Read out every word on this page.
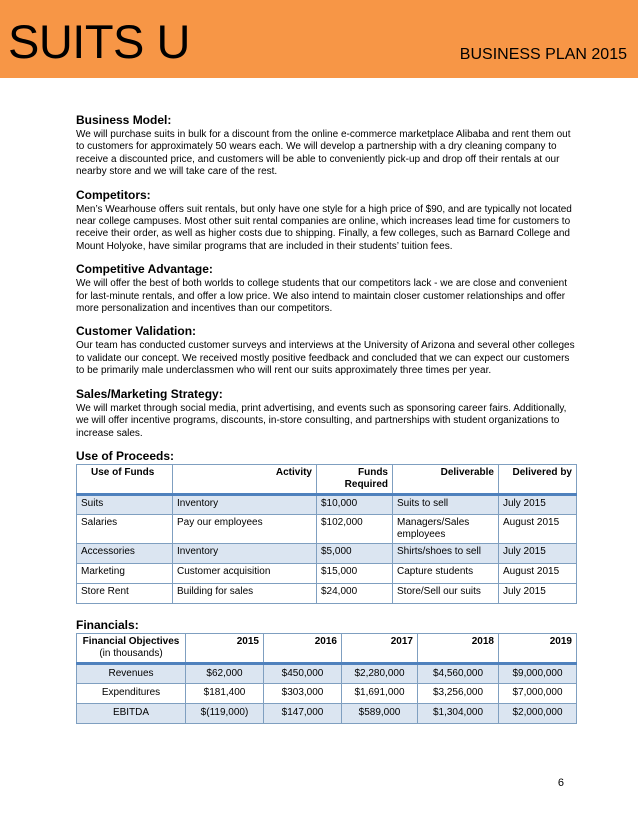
SUITS U	BUSINESS PLAN 2015
Business Model:

We will purchase suits in bulk for a discount from the online e-commerce marketplace Alibaba and rent them out to customers for approximately 50 wears each. We will develop a partnership with a dry cleaning company to receive a discounted price, and customers will be able to conveniently pick-up and drop off their rentals at our nearby store and we will take care of the rest.

Competitors:

Men’s Wearhouse offers suit rentals, but only have one style for a high price of $90, and are typically not located near college campuses. Most other suit rental companies are online, which increases lead time for customers to receive their order, as well as higher costs due to shipping. Finally, a few colleges, such as Barnard College and Mount Holyoke, have similar programs that are included in their students’ tuition fees.

Competitive Advantage:

We will offer the best of both worlds to college students that our competitors lack - we are close and convenient for last-minute rentals, and offer a low price. We also intend to maintain closer customer relationships and offer more personalization and incentives than our competitors.

Customer Validation:

Our team has conducted customer surveys and interviews at the University of Arizona and several other colleges to validate our concept. We received mostly positive feedback and concluded that we can expect our customers to be primarily male underclassmen who will rent our suits approximately three times per year.

Sales/Marketing Strategy:

We will market through social media, print advertising, and events such as sponsoring career fairs. Additionally, we will offer incentive programs, discounts, in-store consulting, and partnerships with student organizations to increase sales.

Use of Proceeds:
Use of Funds	Activity	Funds Required	Deliverable	Delivered by
Suits	Inventory	$10,000	Suits to sell	July 2015
Salaries	Pay our employees	$102,000	Managers/Sales employees	August 2015
Accessories	Inventory	$5,000	Shirts/shoes to sell	July 2015
Marketing	Customer acquisition	$15,000	Capture students	August 2015
Store Rent	Building for sales	$24,000	Store/Sell our suits	July 2015
Financials:
Financial Objectives
(in thousands)	2015	2016	2017	2018	2019
Revenues	$62,000	$450,000	$2,280,000	$4,560,000	$9,000,000
Expenditures	$181,400	$303,000	$1,691,000	$3,256,000	$7,000,000
EBITDA	$(119,000)	$147,000	$589,000	$1,304,000	$2,000,000
6
